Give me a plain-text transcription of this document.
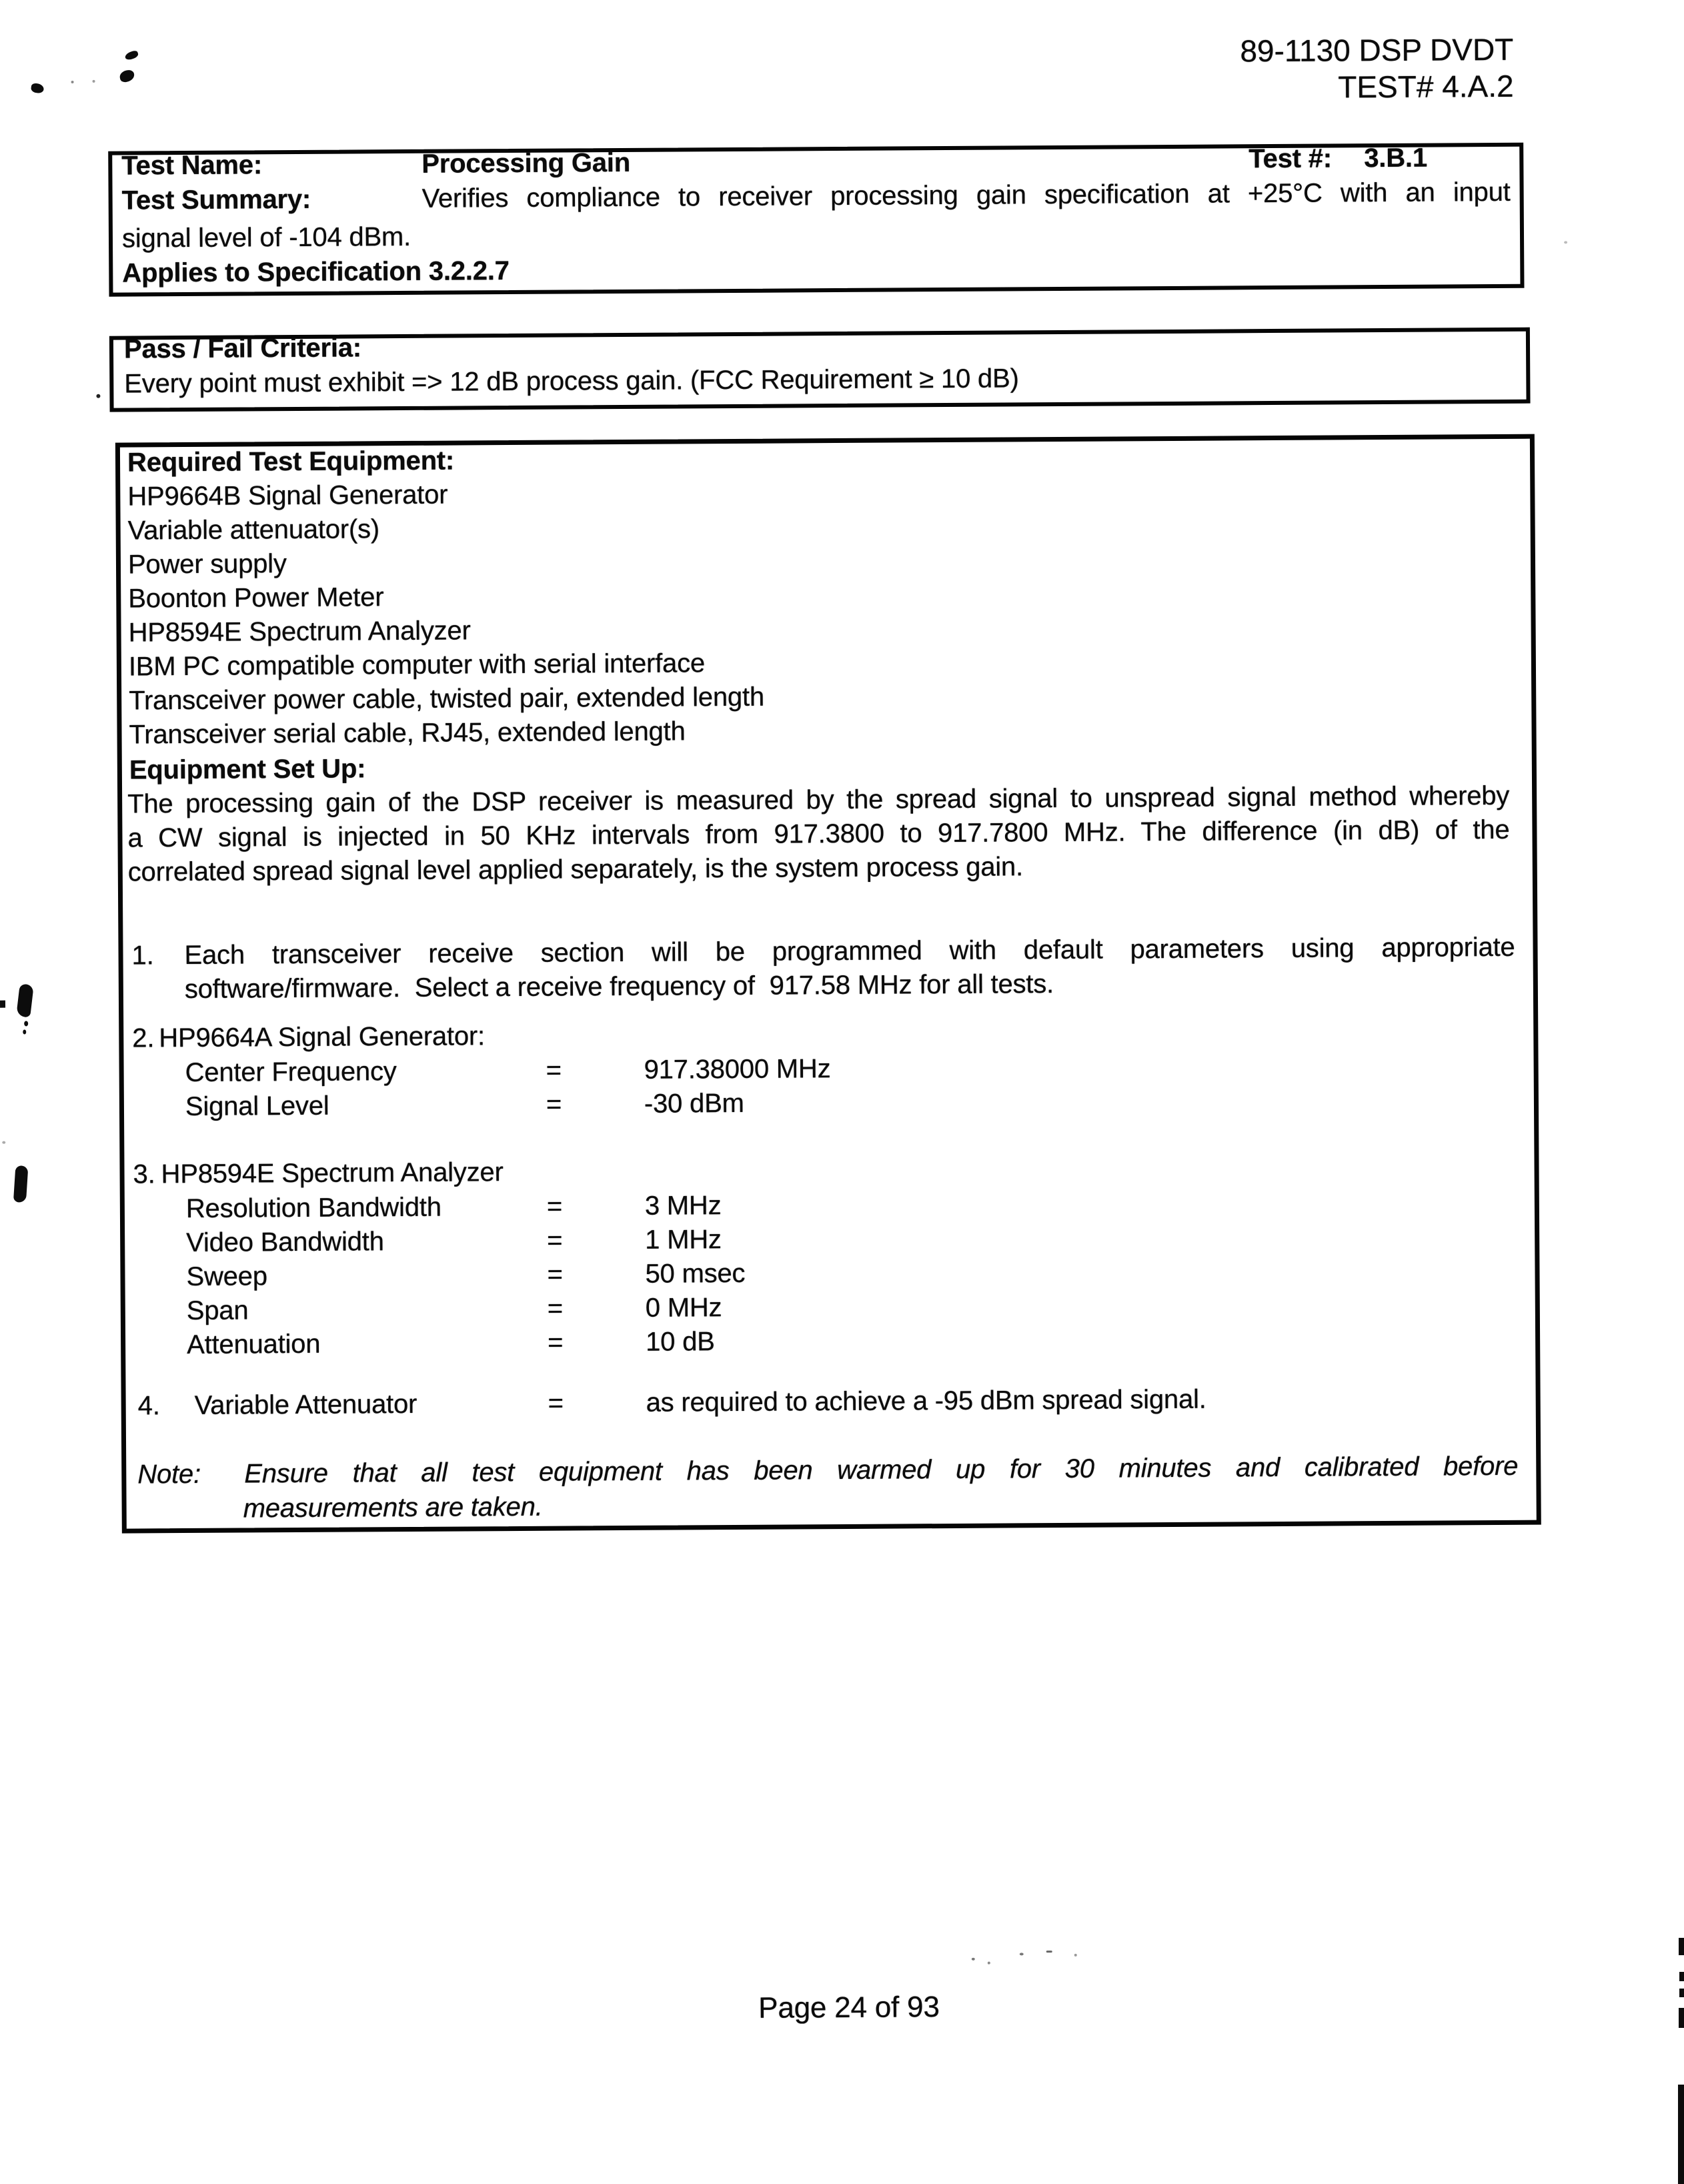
89-1130 DSP DVDT
TEST# 4.A.2
Test Name:	Processing Gain	Test #: 3.B.1
Test Summary:	Verifies compliance to receiver processing gain specification at +25°C with an input
signal level of -104 dBm.
Applies to Specification 3.2.2.7
Pass / Fail Criteria:
Every point must exhibit => 12 dB process gain. (FCC Requirement ≥ 10 dB)
Required Test Equipment:
HP9664B Signal Generator
Variable attenuator(s)
Power supply
Boonton Power Meter
HP8594E Spectrum Analyzer
IBM PC compatible computer with serial interface
Transceiver power cable, twisted pair, extended length
Transceiver serial cable, RJ45, extended length
Equipment Set Up:
The processing gain of the DSP receiver is measured by the spread signal to unspread signal method whereby
a CW signal is injected in 50 KHz intervals from 917.3800 to 917.7800 MHz. The difference (in dB) of the
correlated spread signal level applied separately, is the system process gain.
1. Each transceiver receive section will be programmed with default parameters using appropriate
software/firmware.  Select a receive frequency of  917.58 MHz for all tests.
2. HP9664A Signal Generator:
Center Frequency	=	917.38000 MHz
Signal Level	=	-30 dBm
3. HP8594E Spectrum Analyzer
Resolution Bandwidth	=	3 MHz
Video Bandwidth	=	1 MHz
Sweep	=	50 msec
Span	=	0 MHz
Attenuation	=	10 dB
4. Variable Attenuator	=	as required to achieve a -95 dBm spread signal.
Note: Ensure that all test equipment has been warmed up for 30 minutes and calibrated before
measurements are taken.
Page 24 of 93
